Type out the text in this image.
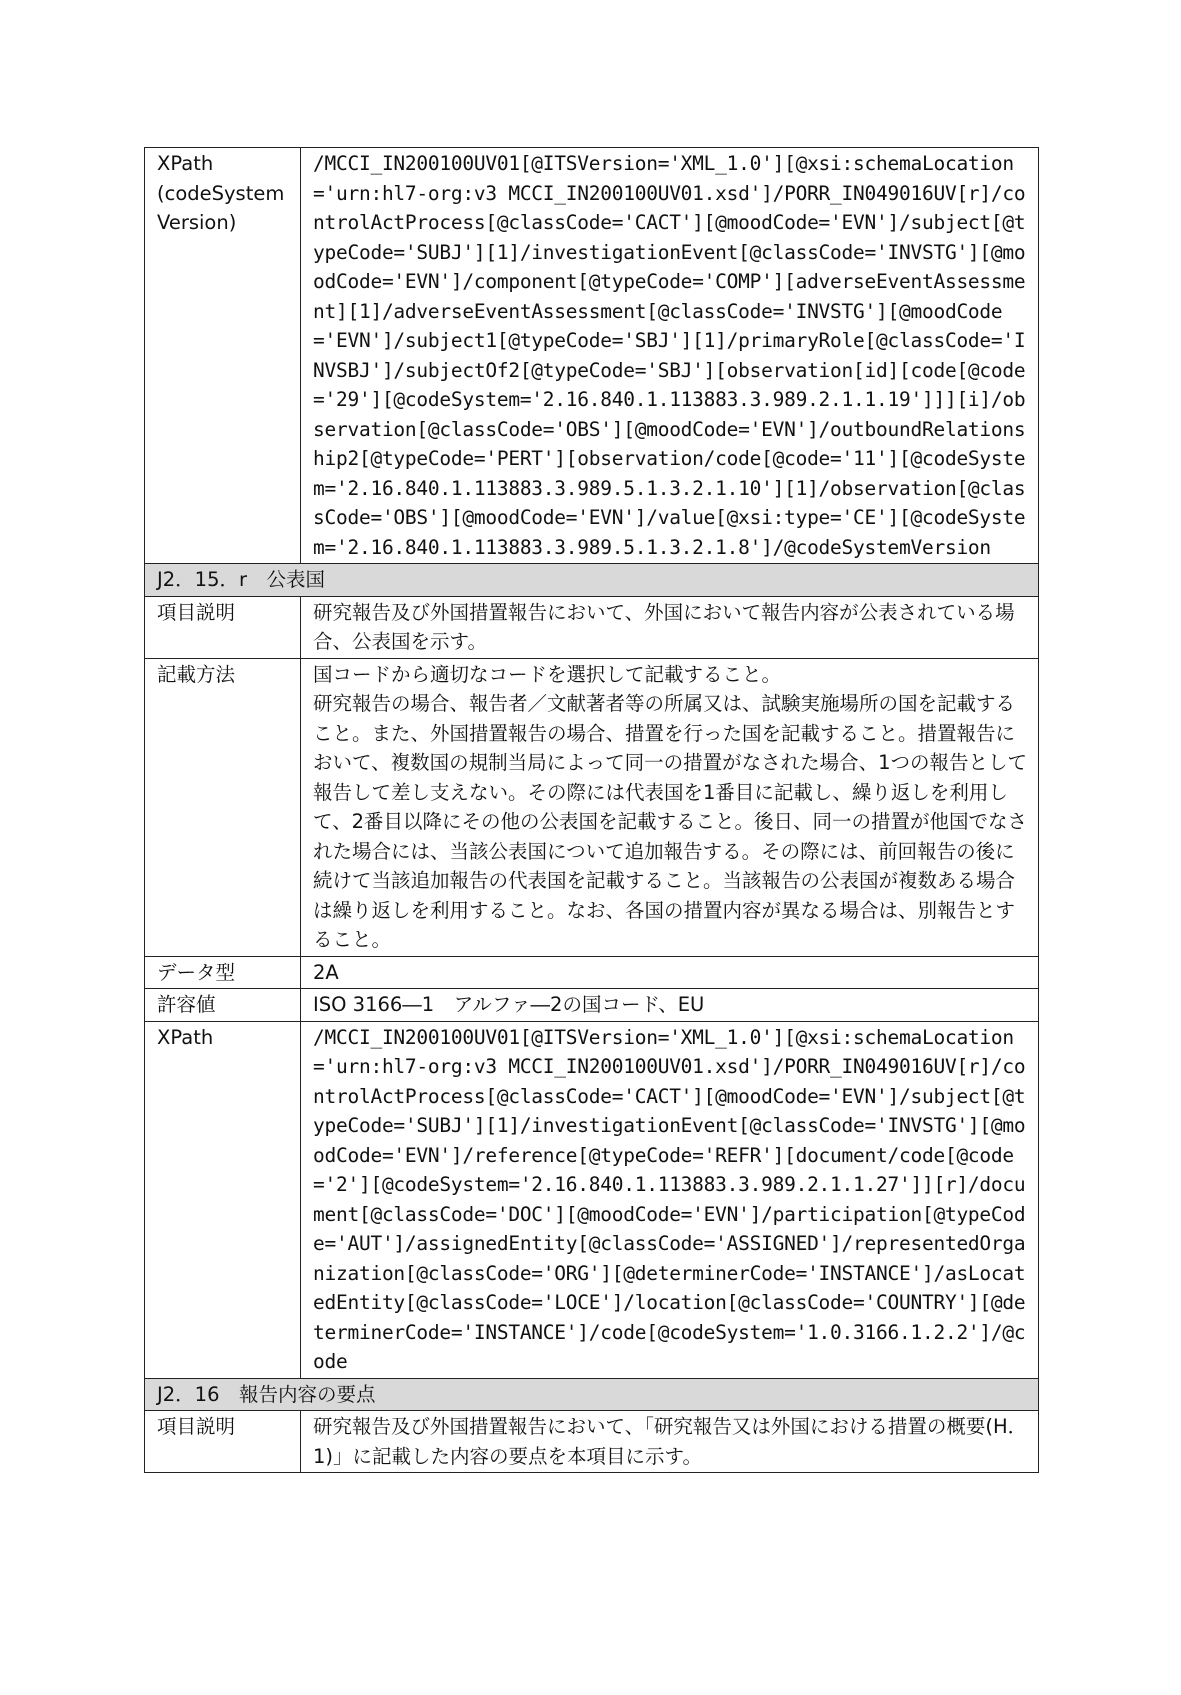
XPath (codeSystem Version)	/MCCI_IN200100UV01[@ITSVersion='XML_1.0'][@xsi:schemaLocation='urn:hl7-org:v3 MCCI_IN200100UV01.xsd']/PORR_IN049016UV[r]/controlActProcess[@classCode='CACT'][@moodCode='EVN']/subject[@typeCode='SUBJ'][1]/investigationEvent[@classCode='INVSTG'][@moodCode='EVN']/component[@typeCode='COMP'][adverseEventAssessment][1]/adverseEventAssessment[@classCode='INVSTG'][@moodCode='EVN']/subject1[@typeCode='SBJ'][1]/primaryRole[@classCode='INVSBJ']/subjectOf2[@typeCode='SBJ'][observation[id][code[@code='29'][@codeSystem='2.16.840.1.113883.3.989.2.1.1.19']]][i]/observation[@classCode='OBS'][@moodCode='EVN']/outboundRelationship2[@typeCode='PERT'][observation/code[@code='11'][@codeSystem='2.16.840.1.113883.3.989.5.1.3.2.1.10'][1]/observation[@classCode='OBS'][@moodCode='EVN']/value[@xsi:type='CE'][@codeSystem='2.16.840.1.113883.3.989.5.1.3.2.1.8']/@codeSystemVersion
J2．15．r　公表国	
項目説明	研究報告及び外国措置報告において、外国において報告内容が公表されている場合、公表国を示す。
記載方法	国コードから適切なコードを選択して記載すること。
研究報告の場合、報告者／文献著者等の所属又は、試験実施場所の国を記載すること。また、外国措置報告の場合、措置を行った国を記載すること。措置報告において、複数国の規制当局によって同一の措置がなされた場合、1つの報告として報告して差し支えない。その際には代表国を1番目に記載し、繰り返しを利用して、2番目以降にその他の公表国を記載すること。後日、同一の措置が他国でなされた場合には、当該公表国について追加報告する。その際には、前回報告の後に続けて当該追加報告の代表国を記載すること。当該報告の公表国が複数ある場合は繰り返しを利用すること。なお、各国の措置内容が異なる場合は、別報告とすること。

データ型	2A
許容値	ISO 3166―1　アルファ―2の国コード、EU
XPath	/MCCI_IN200100UV01[@ITSVersion='XML_1.0'][@xsi:schemaLocation='urn:hl7-org:v3 MCCI_IN200100UV01.xsd']/PORR_IN049016UV[r]/controlActProcess[@classCode='CACT'][@moodCode='EVN']/subject[@typeCode='SUBJ'][1]/investigationEvent[@classCode='INVSTG'][@moodCode='EVN']/reference[@typeCode='REFR'][document/code[@code='2'][@codeSystem='2.16.840.1.113883.3.989.2.1.1.27']][r]/document[@classCode='DOC'][@moodCode='EVN']/participation[@typeCode='AUT']/assignedEntity[@classCode='ASSIGNED']/representedOrganization[@classCode='ORG'][@determinerCode='INSTANCE']/asLocatedEntity[@classCode='LOCE']/location[@classCode='COUNTRY'][@determinerCode='INSTANCE']/code[@codeSystem='1.0.3166.1.2.2']/@code
J2．16　報告内容の要点	
項目説明	研究報告及び外国措置報告において、「研究報告又は外国における措置の概要(H．1)」に記載した内容の要点を本項目に示す。
